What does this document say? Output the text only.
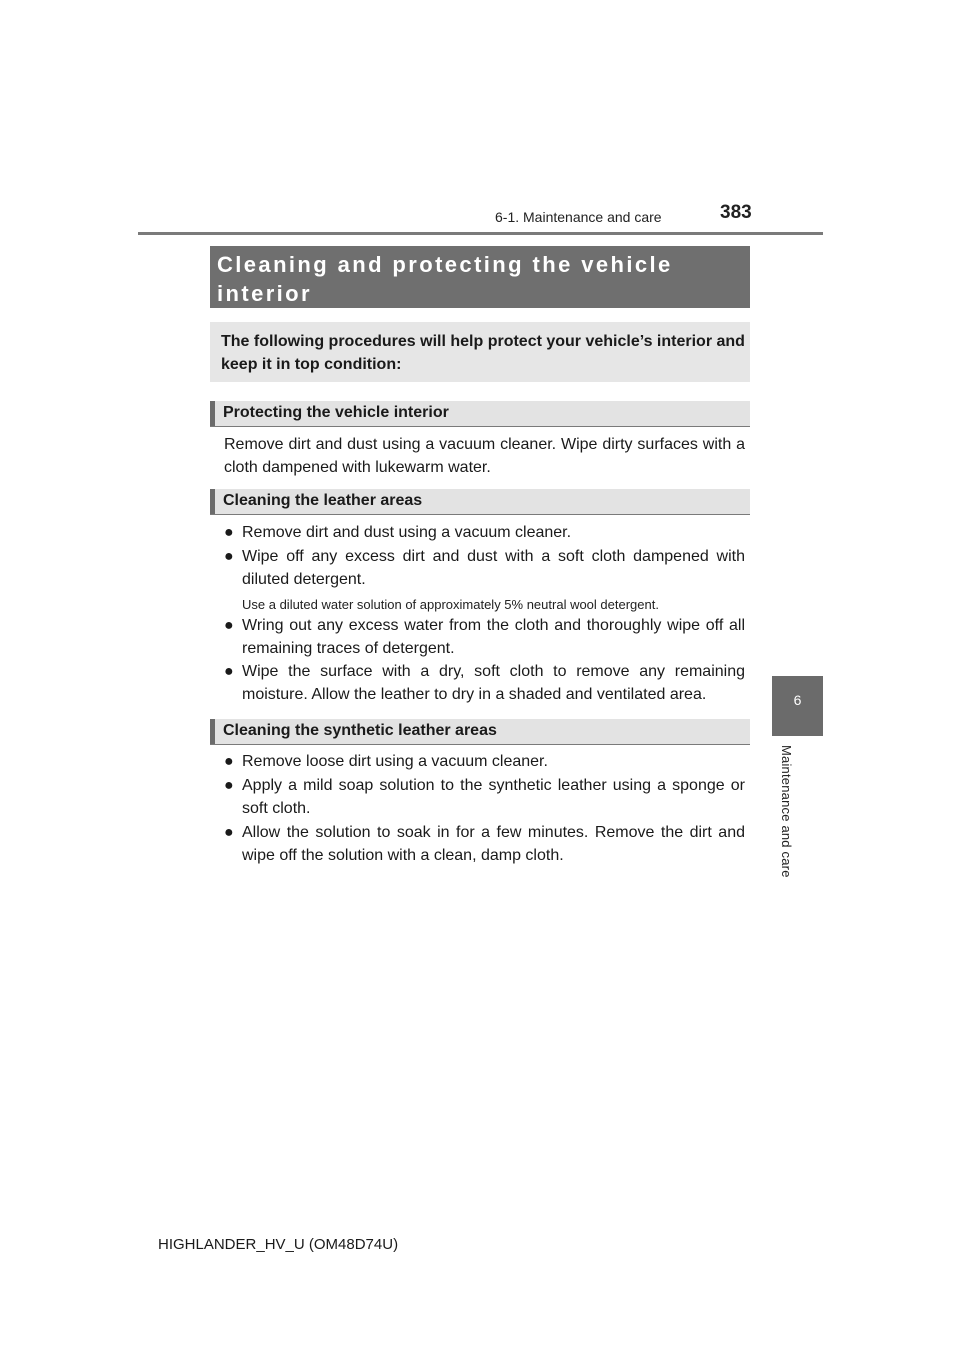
6-1. Maintenance and care	383
6
Maintenance and care
Cleaning and protecting the vehicle interior
The following procedures will help protect your vehicle’s interior and keep it in top condition:
Protecting the vehicle interior
Remove dirt and dust using a vacuum cleaner. Wipe dirty surfaces with a cloth dampened with lukewarm water.
Cleaning the leather areas
● Remove dirt and dust using a vacuum cleaner.
● Wipe off any excess dirt and dust with a soft cloth dampened with diluted detergent.
Use a diluted water solution of approximately 5% neutral wool detergent.
● Wring out any excess water from the cloth and thoroughly wipe off all remaining traces of detergent.
● Wipe the surface with a dry, soft cloth to remove any remaining moisture. Allow the leather to dry in a shaded and ventilated area.
Cleaning the synthetic leather areas
● Remove loose dirt using a vacuum cleaner.
● Apply a mild soap solution to the synthetic leather using a sponge or soft cloth.
● Allow the solution to soak in for a few minutes. Remove the dirt and wipe off the solution with a clean, damp cloth.
HIGHLANDER_HV_U (OM48D74U)
